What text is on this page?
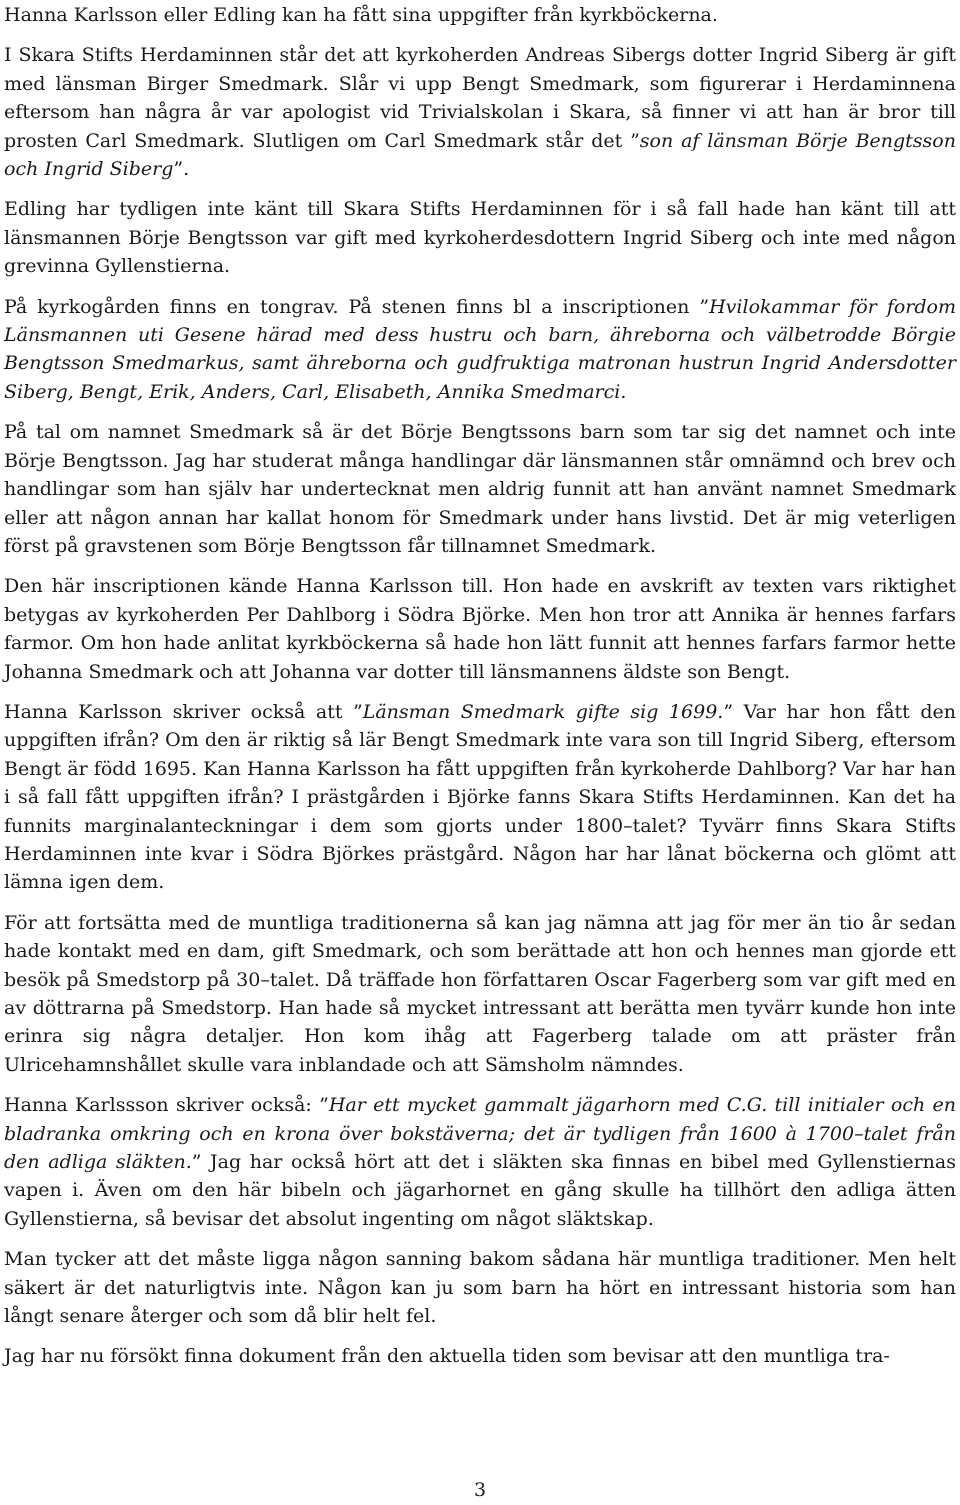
Hanna Karlsson eller Edling kan ha fått sina uppgifter från kyrkböckerna.

I Skara Stifts Herdaminnen står det att kyrkoherden Andreas Sibergs dotter Ingrid Siberg är gift med länsman Birger Smedmark. Slår vi upp Bengt Smedmark, som figurerar i Herdaminnena eftersom han några år var apologist vid Trivialskolan i Skara, så finner vi att han är bror till prosten Carl Smedmark. Slutligen om Carl Smedmark står det ”son af länsman Börje Bengtsson och Ingrid Siberg”.

Edling har tydligen inte känt till Skara Stifts Herdaminnen för i så fall hade han känt till att länsmannen Börje Bengtsson var gift med kyrkoherdesdottern Ingrid Siberg och inte med någon grevinna Gyllenstierna.

På kyrkogården finns en tongrav. På stenen finns bl a inscriptionen ”Hvilokammar för fordom Länsmannen uti Gesene härad med dess hustru och barn, ähreborna och välbetrodde Börgie Bengtsson Smedmarkus, samt ähreborna och gudfruktiga matronan hustrun Ingrid Andersdotter Siberg, Bengt, Erik, Anders, Carl, Elisabeth, Annika Smedmarci.

På tal om namnet Smedmark så är det Börje Bengtssons barn som tar sig det namnet och inte Börje Bengtsson. Jag har studerat många handlingar där länsmannen står omnämnd och brev och handlingar som han själv har undertecknat men aldrig funnit att han använt namnet Smedmark eller att någon annan har kallat honom för Smedmark under hans livstid. Det är mig veterligen först på gravstenen som Börje Bengtsson får tillnamnet Smedmark.

Den här inscriptionen kände Hanna Karlsson till. Hon hade en avskrift av texten vars riktighet betygas av kyrkoherden Per Dahlborg i Södra Björke. Men hon tror att Annika är hennes farfars farmor. Om hon hade anlitat kyrkböckerna så hade hon lätt funnit att hennes farfars farmor hette Johanna Smedmark och att Johanna var dotter till länsmannens äldste son Bengt.

Hanna Karlsson skriver också att ”Länsman Smedmark gifte sig 1699.” Var har hon fått den uppgiften ifrån? Om den är riktig så lär Bengt Smedmark inte vara son till Ingrid Siberg, eftersom Bengt är född 1695. Kan Hanna Karlsson ha fått uppgiften från kyrkoherde Dahlborg? Var har han i så fall fått uppgiften ifrån? I prästgården i Björke fanns Skara Stifts Herdaminnen. Kan det ha funnits marginalanteckningar i dem som gjorts under 1800–talet? Tyvärr finns Skara Stifts Herdaminnen inte kvar i Södra Björkes prästgård. Någon har har lånat böckerna och glömt att lämna igen dem.

För att fortsätta med de muntliga traditionerna så kan jag nämna att jag för mer än tio år sedan hade kontakt med en dam, gift Smedmark, och som berättade att hon och hennes man gjorde ett besök på Smedstorp på 30–talet. Då träffade hon författaren Oscar Fagerberg som var gift med en av döttrarna på Smedstorp. Han hade så mycket intressant att berätta men tyvärr kunde hon inte erinra sig några detaljer. Hon kom ihåg att Fagerberg talade om att präster från Ulricehamnshållet skulle vara inblandade och att Sämsholm nämndes.

Hanna Karlssson skriver också: ”Har ett mycket gammalt jägarhorn med C.G. till initialer och en bladranka omkring och en krona över bokstäverna; det är tydligen från 1600 à 1700–talet från den adliga släkten.” Jag har också hört att det i släkten ska finnas en bibel med Gyllenstiernas vapen i. Även om den här bibeln och jägarhornet en gång skulle ha tillhört den adliga ätten Gyllenstierna, så bevisar det absolut ingenting om något släktskap.

Man tycker att det måste ligga någon sanning bakom sådana här muntliga traditioner. Men helt säkert är det naturligtvis inte. Någon kan ju som barn ha hört en intressant historia som han långt senare återger och som då blir helt fel.

Jag har nu försökt finna dokument från den aktuella tiden som bevisar att den muntliga tra-

3
